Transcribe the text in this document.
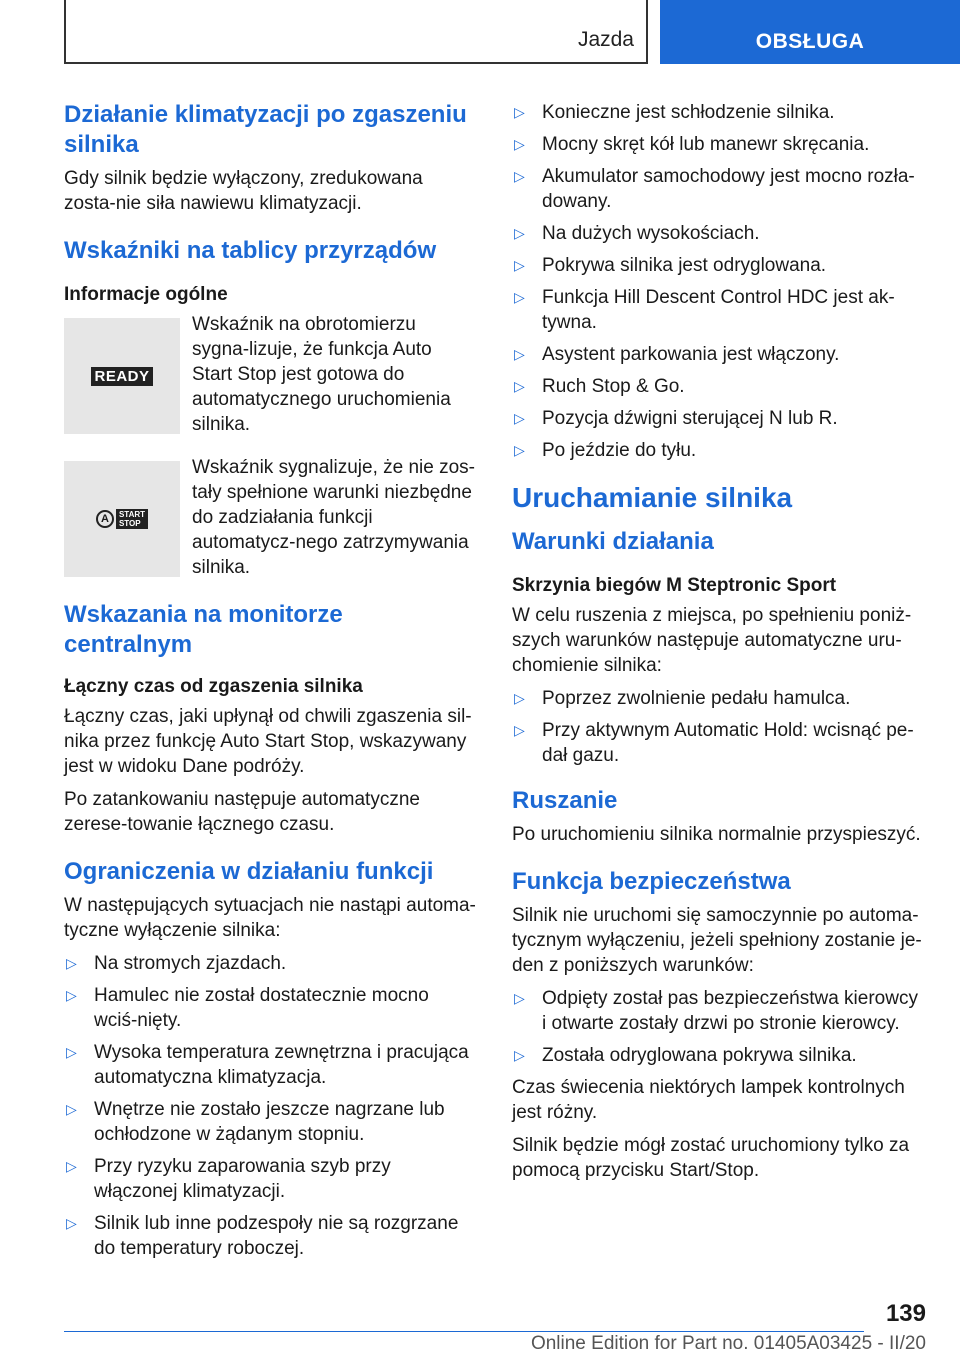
Jazda	OBSŁUGA
Działanie klimatyzacji po zgaszeniu silnika

Gdy silnik będzie wyłączony, zredukowana zosta-nie siła nawiewu klimatyzacji.

Wskaźniki na tablicy przyrządów
Informacje ogólne
READY

Wskaźnik na obrotomierzu sygna-lizuje, że funkcja Auto Start Stop jest gotowa do automatycznego uruchomienia silnika.

A	START
STOP

Wskaźnik sygnalizuje, że nie zos-tały spełnione warunki niezbędne do zadziałania funkcji automatycz-nego zatrzymywania silnika.

Wskazania na monitorze centralnym
Łączny czas od zgaszenia silnika

Łączny czas, jaki upłynął od chwili zgaszenia sil-nika przez funkcję Auto Start Stop, wskazywany jest w widoku Dane podróży.

Po zatankowaniu następuje automatyczne zerese-towanie łącznego czasu.

Ograniczenia w działaniu funkcji

W następujących sytuacjach nie nastąpi automa-tyczne wyłączenie silnika:

▷ Na stromych zjazdach.
▷ Hamulec nie został dostatecznie mocno wciś-nięty.
▷ Wysoka temperatura zewnętrzna i pracująca automatyczna klimatyzacja.
▷ Wnętrze nie zostało jeszcze nagrzane lub ochłodzone w żądanym stopniu.
▷ Przy ryzyku zaparowania szyb przy włączonej klimatyzacji.
▷ Silnik lub inne podzespoły nie są rozgrzane do temperatury roboczej.
▷ Konieczne jest schłodzenie silnika.
▷ Mocny skręt kół lub manewr skręcania.
▷ Akumulator samochodowy jest mocno rozła-dowany.
▷ Na dużych wysokościach.
▷ Pokrywa silnika jest odryglowana.
▷ Funkcja Hill Descent Control HDC jest ak-tywna.
▷ Asystent parkowania jest włączony.
▷ Ruch Stop & Go.
▷ Pozycja dźwigni sterującej N lub R.
▷ Po jeździe do tyłu.
Uruchamianie silnika
Warunki działania
Skrzynia biegów M Steptronic Sport

W celu ruszenia z miejsca, po spełnieniu poniż-szych warunków następuje automatyczne uru-chomienie silnika:

▷ Poprzez zwolnienie pedału hamulca.
▷ Przy aktywnym Automatic Hold: wcisnąć pe-dał gazu.
Ruszanie

Po uruchomieniu silnika normalnie przyspieszyć.

Funkcja bezpieczeństwa

Silnik nie uruchomi się samoczynnie po automa-tycznym wyłączeniu, jeżeli spełniony zostanie je-den z poniższych warunków:

▷ Odpięty został pas bezpieczeństwa kierowcy i otwarte zostały drzwi po stronie kierowcy.
▷ Została odryglowana pokrywa silnika.

Czas świecenia niektórych lampek kontrolnych jest różny.

Silnik będzie mógł zostać uruchomiony tylko za pomocą przycisku Start/Stop.

139
Online Edition for Part no. 01405A03425 - II/20
